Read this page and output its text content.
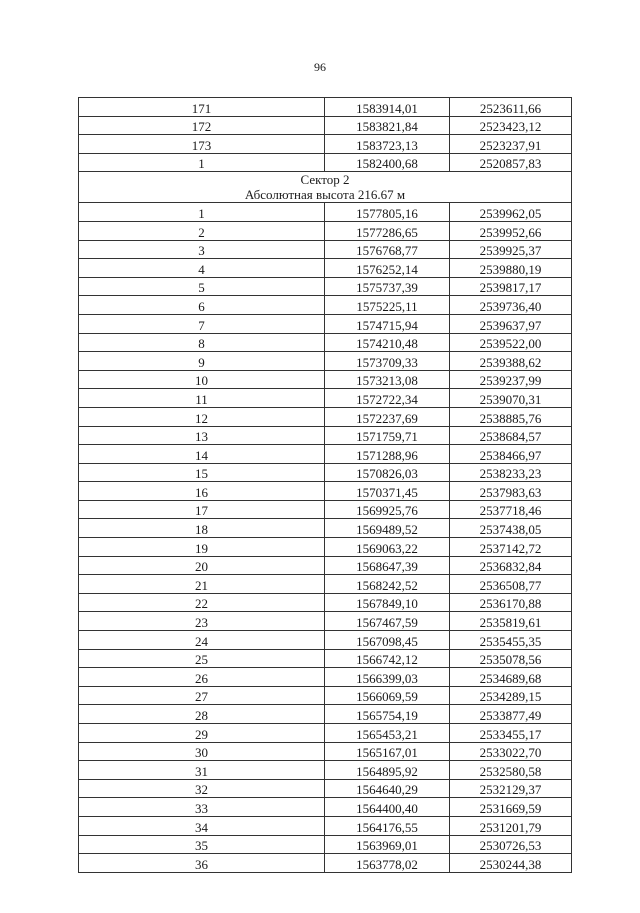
96
171	1583914,01	2523611,66
172	1583821,84	2523423,12
173	1583723,13	2523237,91
1	1582400,68	2520857,83

Сектор 2
Абсолютная высота 216.67 м		

1	1577805,16	2539962,05
2	1577286,65	2539952,66
3	1576768,77	2539925,37
4	1576252,14	2539880,19
5	1575737,39	2539817,17
6	1575225,11	2539736,40
7	1574715,94	2539637,97
8	1574210,48	2539522,00
9	1573709,33	2539388,62
10	1573213,08	2539237,99
11	1572722,34	2539070,31
12	1572237,69	2538885,76
13	1571759,71	2538684,57
14	1571288,96	2538466,97
15	1570826,03	2538233,23
16	1570371,45	2537983,63
17	1569925,76	2537718,46
18	1569489,52	2537438,05
19	1569063,22	2537142,72
20	1568647,39	2536832,84
21	1568242,52	2536508,77
22	1567849,10	2536170,88
23	1567467,59	2535819,61
24	1567098,45	2535455,35
25	1566742,12	2535078,56
26	1566399,03	2534689,68
27	1566069,59	2534289,15
28	1565754,19	2533877,49
29	1565453,21	2533455,17
30	1565167,01	2533022,70
31	1564895,92	2532580,58
32	1564640,29	2532129,37
33	1564400,40	2531669,59
34	1564176,55	2531201,79
35	1563969,01	2530726,53
36	1563778,02	2530244,38
